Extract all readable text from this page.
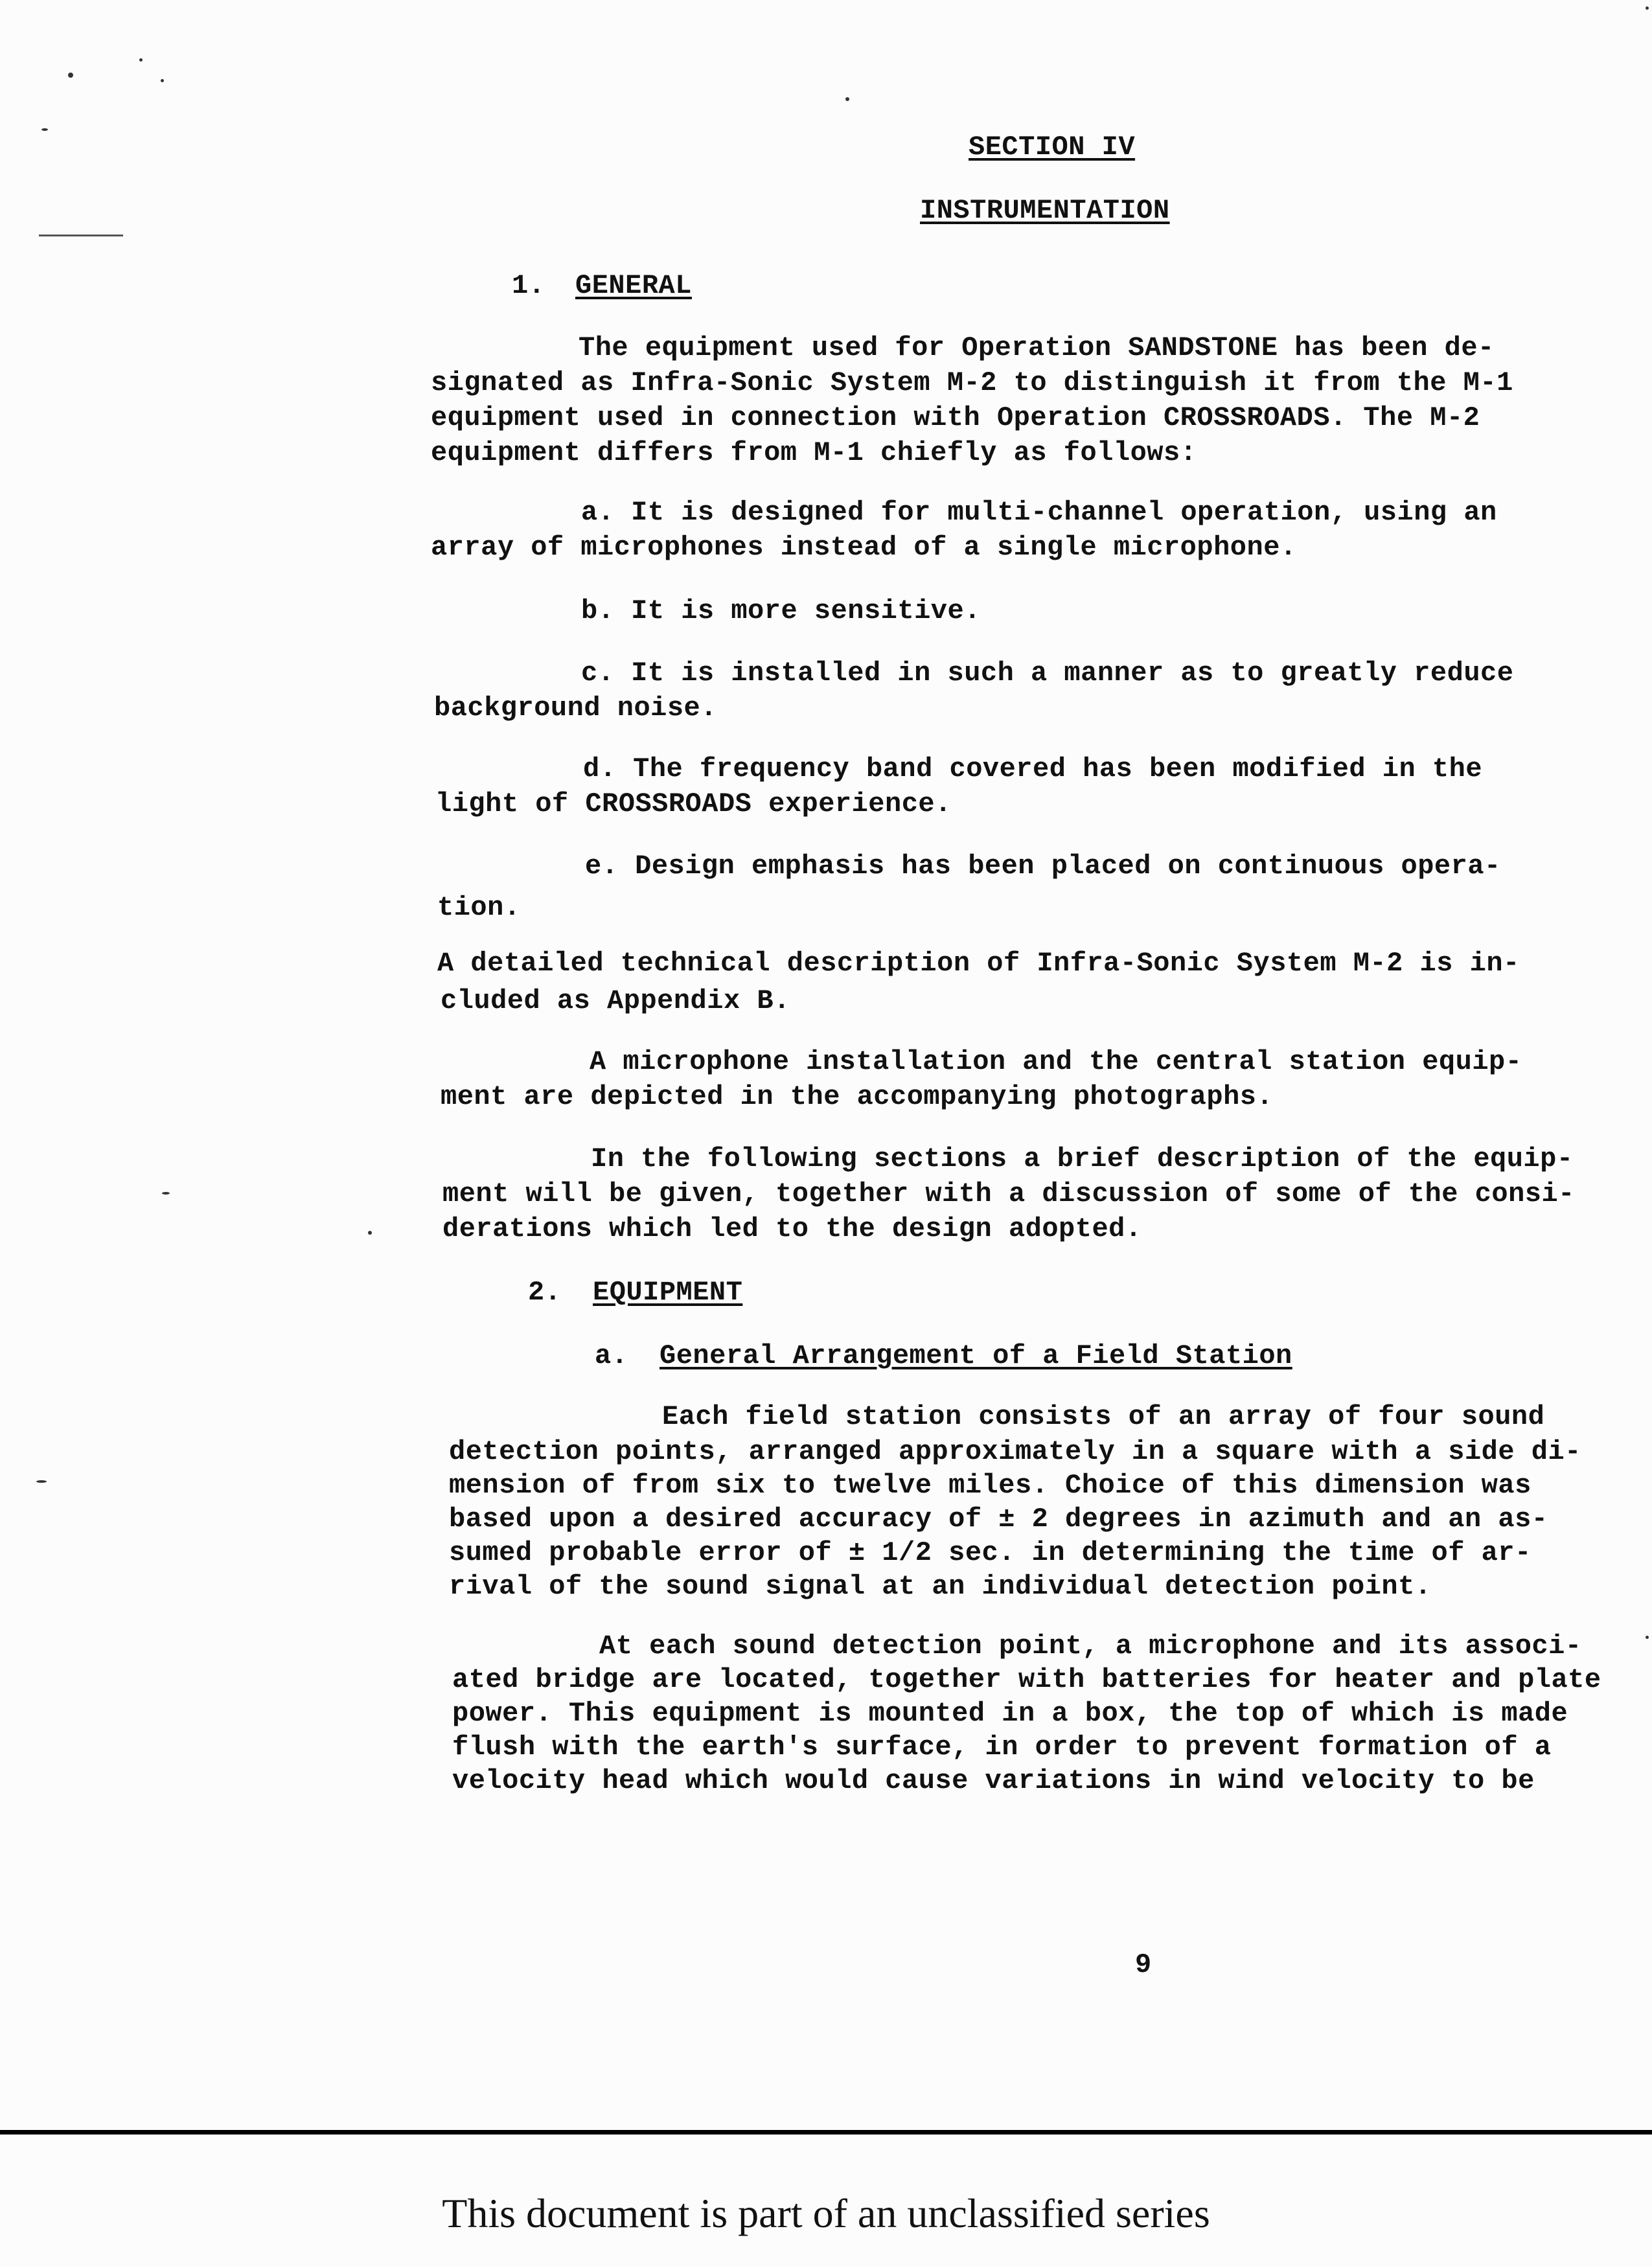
SECTION IV

INSTRUMENTATION

1. GENERAL

The equipment used for Operation SANDSTONE has been de-

signated as Infra-Sonic System M-2 to distinguish it from the M-1

equipment used in connection with Operation CROSSROADS. The M-2

equipment differs from M-1 chiefly as follows:

a. It is designed for multi-channel operation, using an

array of microphones instead of a single microphone.

b. It is more sensitive.

c. It is installed in such a manner as to greatly reduce

background noise.

d. The frequency band covered has been modified in the

light of CROSSROADS experience.

e. Design emphasis has been placed on continuous opera-

tion.

A detailed technical description of Infra-Sonic System M-2 is in-

cluded as Appendix B.

A microphone installation and the central station equip-

ment are depicted in the accompanying photographs.

In the following sections a brief description of the equip-

ment will be given, together with a discussion of some of the consi-

derations which led to the design adopted.

2. EQUIPMENT

a. General Arrangement of a Field Station

Each field station consists of an array of four sound

detection points, arranged approximately in a square with a side di-

mension of from six to twelve miles. Choice of this dimension was

based upon a desired accuracy of ± 2 degrees in azimuth and an as-

sumed probable error of ± 1/2 sec. in determining the time of ar-

rival of the sound signal at an individual detection point.

At each sound detection point, a microphone and its associ-

ated bridge are located, together with batteries for heater and plate

power. This equipment is mounted in a box, the top of which is made

flush with the earth's surface, in order to prevent formation of a

velocity head which would cause variations in wind velocity to be

9

This document is part of an unclassified series
